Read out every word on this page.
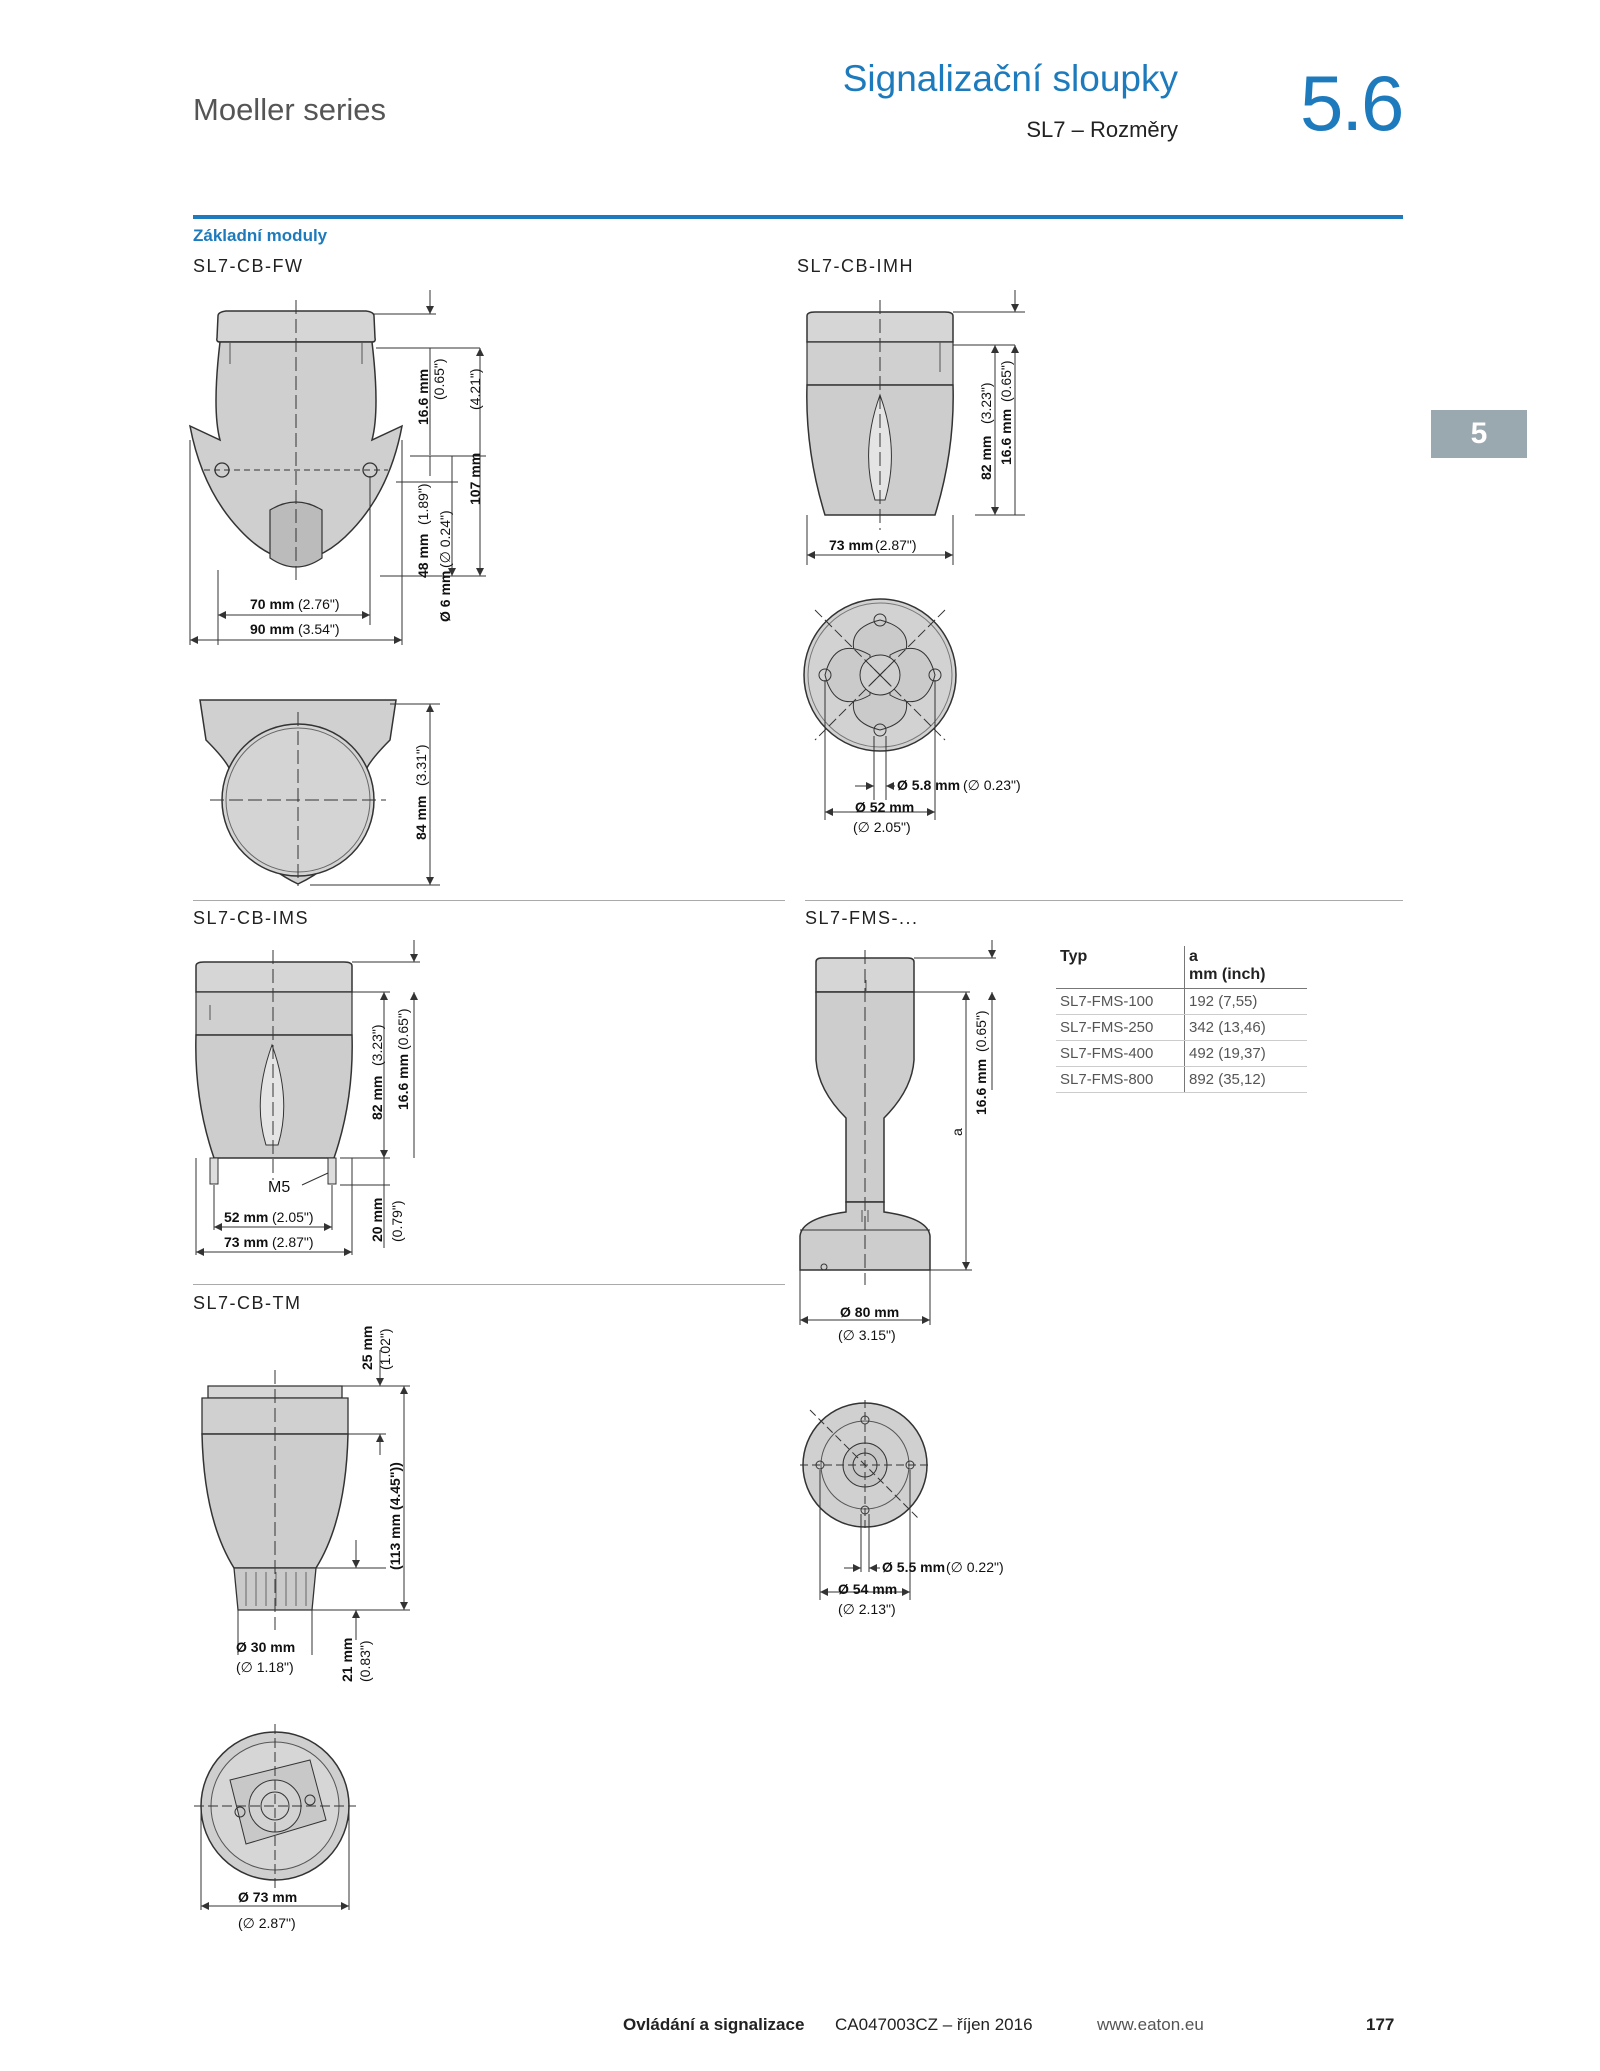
Moeller series
Signalizační sloupky
SL7 – Rozměry 5.6
5
Základní moduly
SL7-CB-FW	SL7-CB-IMH
SL7-CB-IMS	SL7-FMS-...
SL7-CB-TM
16.6 mm (0.65")
107 mm
(4.21")
48 mm
(1.89")
Ø 6 mm
(∅ 0.24")
70 mm (2.76")
90 mm (3.54")
84 mm
(3.31")
82 mm
(3.23")
16.6 mm
(0.65")
73 mm (2.87")
Ø 5.8 mm (∅ 0.23")
Ø 52 mm
(∅ 2.05")
82 mm
(3.23")
16.6 mm
(0.65")
M5
52 mm (2.05")
73 mm (2.87")	20 mm (0.79")
16.6 mm
(0.65")
a
Ø 80 mm
(∅ 3.15")
Ø 5.5 mm (∅ 0.22")
Ø 54 mm
(∅ 2.13")
25 mm (1.02")
(113 mm (4.45"))
Ø 30 mm
(∅ 1.18")	21 mm (0.83")
Ø 73 mm
(∅ 2.87")
Typ	a
mm (inch)

SL7-FMS-100	192 (7,55)
SL7-FMS-250	342 (13,46)
SL7-FMS-400	492 (19,37)
SL7-FMS-800	892 (35,12)
Ovládání a signalizace CA047003CZ – říjen 2016	www.eaton.eu	177
